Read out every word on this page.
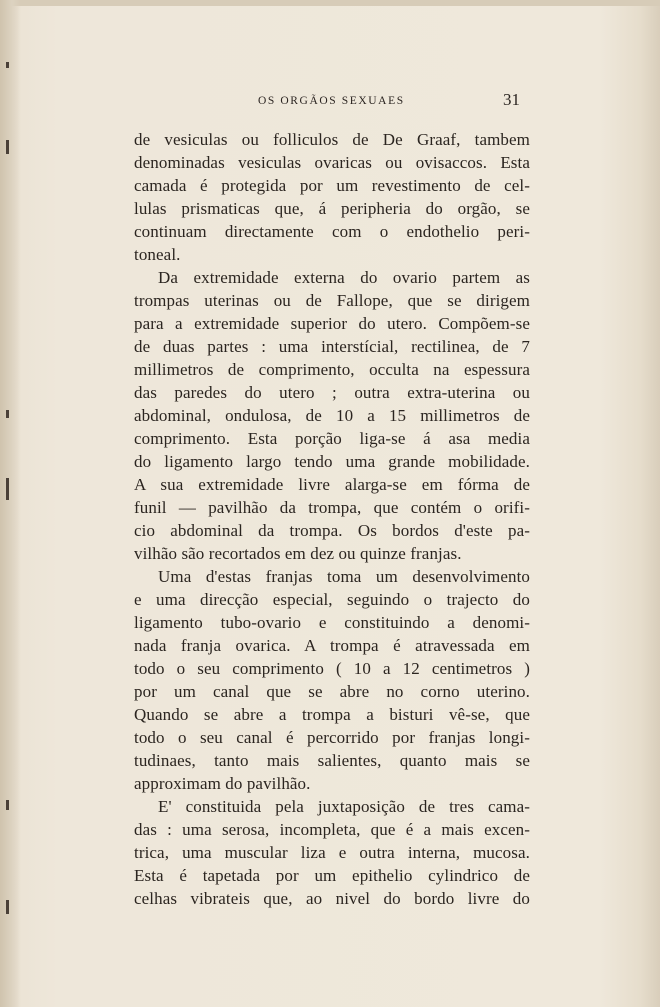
OS ORGÃOS SEXUAES	31
de vesiculas ou folliculos de De Graaf, tambem
denominadas vesiculas ovaricas ou ovisaccos. Esta
camada é protegida por um revestimento de cel-
lulas prismaticas que, á peripheria do orgão, se
continuam directamente com o endothelio peri-
toneal.
Da extremidade externa do ovario partem as
trompas uterinas ou de Fallope, que se dirigem
para a extremidade superior do utero. Compõem-se
de duas partes : uma interstícial, rectilinea, de 7
millimetros de comprimento, occulta na espessura
das paredes do utero ; outra extra-uterina ou
abdominal, ondulosa, de 10 a 15 millimetros de
comprimento. Esta porção liga-se á asa media
do ligamento largo tendo uma grande mobilidade.
A sua extremidade livre alarga-se em fórma de
funil — pavilhão da trompa, que contém o orifi-
cio abdominal da trompa. Os bordos d'este pa-
vilhão são recortados em dez ou quinze franjas.
Uma d'estas franjas toma um desenvolvimento
e uma direcção especial, seguindo o trajecto do
ligamento tubo-ovario e constituindo a denomi-
nada franja ovarica. A trompa é atravessada em
todo o seu comprimento ( 10 a 12 centimetros )
por um canal que se abre no corno uterino.
Quando se abre a trompa a bisturi vê-se, que
todo o seu canal é percorrido por franjas longi-
tudinaes, tanto mais salientes, quanto mais se
approximam do pavilhão.
E' constituida pela juxtaposição de tres cama-
das : uma serosa, incompleta, que é a mais excen-
trica, uma muscular liza e outra interna, mucosa.
Esta é tapetada por um epithelio cylindrico de
celhas vibrateis que, ao nivel do bordo livre do
